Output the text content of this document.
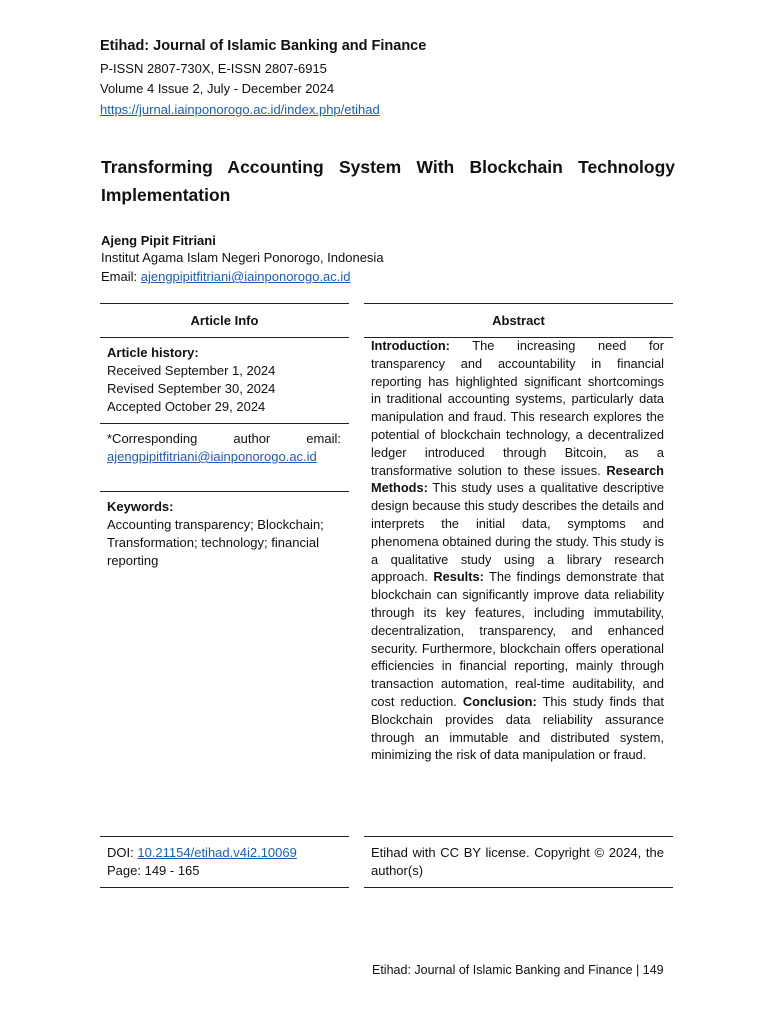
Etihad: Journal of Islamic Banking and Finance
P-ISSN 2807-730X, E-ISSN 2807-6915
Volume 4 Issue 2, July - December 2024
https://jurnal.iainponorogo.ac.id/index.php/etihad
Transforming Accounting System With Blockchain Technology Implementation
Ajeng Pipit Fitriani
Institut Agama Islam Negeri Ponorogo, Indonesia
Email: ajengpipitfitriani@iainponorogo.ac.id
Article Info
Article history:
Received September 1, 2024
Revised September 30, 2024
Accepted October 29, 2024
*Corresponding author email:
ajengpipitfitriani@iainponorogo.ac.id
Keywords:
Accounting transparency; Blockchain; Transformation; technology; financial reporting
DOI: 10.21154/etihad.v4i2.10069
Page: 149 - 165
Abstract
Introduction: The increasing need for transparency and accountability in financial reporting has highlighted significant shortcomings in traditional accounting systems, particularly data manipulation and fraud. This research explores the potential of blockchain technology, a decentralized ledger introduced through Bitcoin, as a transformative solution to these issues. Research Methods: This study uses a qualitative descriptive design because this study describes the details and interprets the initial data, symptoms and phenomena obtained during the study. This study is a qualitative study using a library research approach. Results: The findings demonstrate that blockchain can significantly improve data reliability through its key features, including immutability, decentralization, transparency, and enhanced security. Furthermore, blockchain offers operational efficiencies in financial reporting, mainly through transaction automation, real-time auditability, and cost reduction. Conclusion: This study finds that Blockchain provides data reliability assurance through an immutable and distributed system, minimizing the risk of data manipulation or fraud.
Etihad with CC BY license. Copyright © 2024, the author(s)
Etihad: Journal of Islamic Banking and Finance | 149
